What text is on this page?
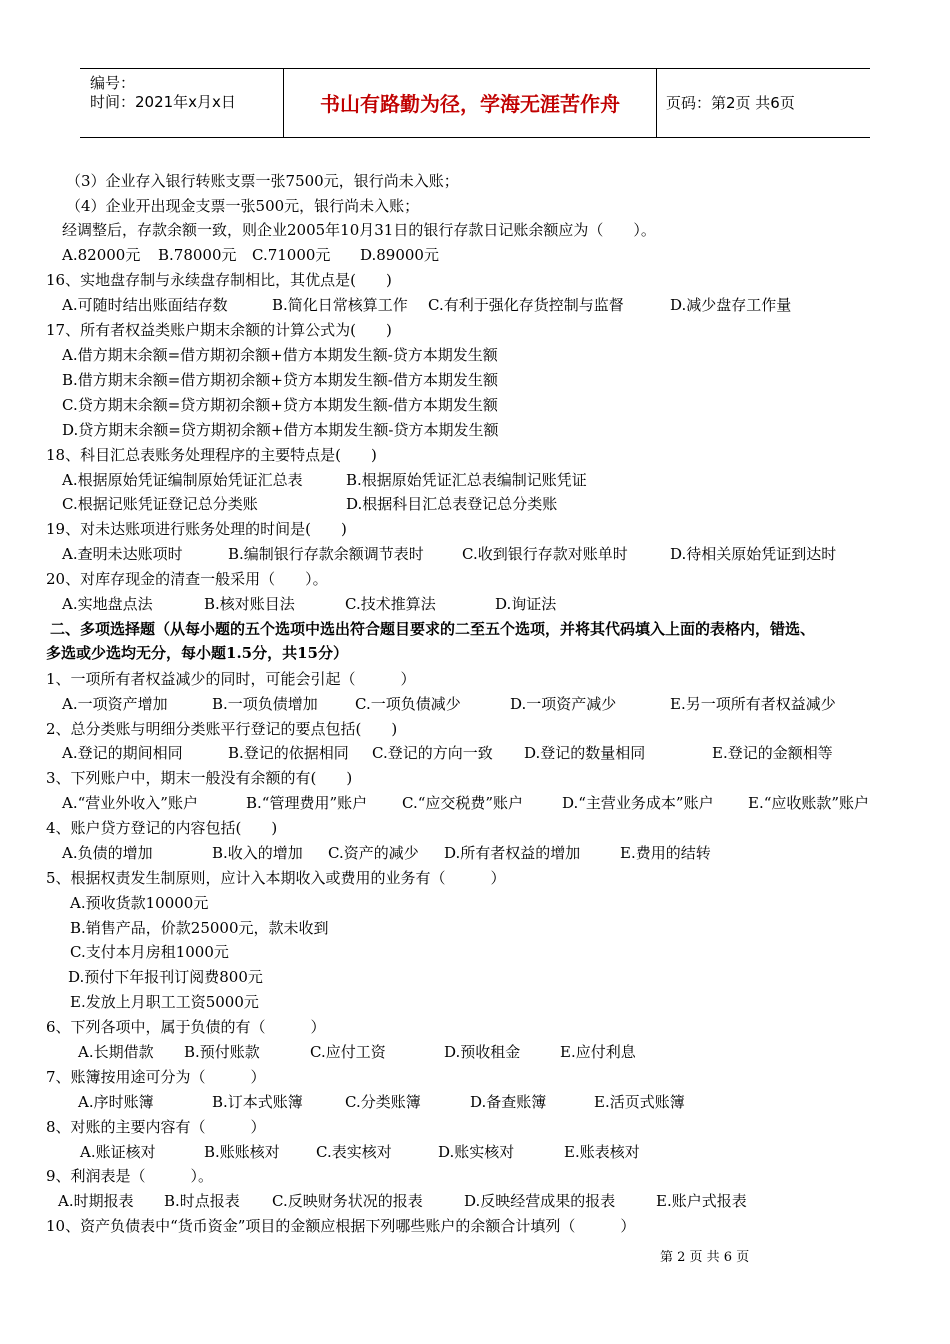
编号：
时间：2021年x月x日	书山有路勤为径，学海无涯苦作舟	页码：第2页 共6页
（3）企业存入银行转账支票一张7500元，银行尚未入账；
（4）企业开出现金支票一张500元，银行尚未入账；
经调整后，存款余额一致，则企业2005年10月31日的银行存款日记账余额应为（　　）。
A.82000元 B.78000元 C.71000元 D.89000元
16、实地盘存制与永续盘存制相比，其优点是(　　)
A.可随时结出账面结存数	B.简化日常核算工作 C.有利于强化存货控制与监督	D.减少盘存工作量
17、所有者权益类账户期末余额的计算公式为(　　)
A.借方期末余额=借方期初余额+借方本期发生额-贷方本期发生额
B.借方期末余额=借方期初余额+贷方本期发生额-借方本期发生额
C.贷方期末余额=贷方期初余额+贷方本期发生额-借方本期发生额
D.贷方期末余额=贷方期初余额+借方本期发生额-贷方本期发生额
18、科目汇总表账务处理程序的主要特点是(　　)
A.根据原始凭证编制原始凭证汇总表	B.根据原始凭证汇总表编制记账凭证
C.根据记账凭证登记总分类账	D.根据科目汇总表登记总分类账
19、对未达账项进行账务处理的时间是(　　)
A.查明未达账项时	B.编制银行存款余额调节表时	C.收到银行存款对账单时	D.待相关原始凭证到达时
20、对库存现金的清查一般采用（　　）。
A.实地盘点法	B.核对账目法	C.技术推算法	D.询证法
二、多项选择题（从每小题的五个选项中选出符合题目要求的二至五个选项，并将其代码填入上面的表格内，错选、
多选或少选均无分，每小题1.5分，共15分）
1、一项所有者权益减少的同时，可能会引起（　　　）
A.一项资产增加	B.一项负债增加 C.一项负债减少	D.一项资产减少	E.另一项所有者权益减少
2、总分类账与明细分类账平行登记的要点包括(　　)
A.登记的期间相同	B.登记的依据相同 C.登记的方向一致 D.登记的数量相同	E.登记的金额相等
3、下列账户中，期末一般没有余额的有(　　)
A.“营业外收入”账户	B.“管理费用”账户 C.“应交税费”账户	D.“主营业务成本”账户 E.“应收账款”账户
4、账户贷方登记的内容包括(　　)
A.负债的增加	B.收入的增加 C.资产的减少 D.所有者权益的增加	E.费用的结转
5、根据权责发生制原则，应计入本期收入或费用的业务有（　　　）
A.预收货款10000元
B.销售产品，价款25000元，款未收到
C.支付本月房租1000元
D.预付下年报刊订阅费800元
E.发放上月职工工资5000元
6、下列各项中，属于负债的有（　　　）
A.长期借款 B.预付账款	C.应付工资	D.预收租金	E.应付利息
7、账簿按用途可分为（　　　）
A.序时账簿	B.订本式账簿	C.分类账簿	D.备查账簿	E.活页式账簿
8、对账的主要内容有（　　　）
A.账证核对	B.账账核对 C.表实核对	D.账实核对	E.账表核对
9、利润表是（　　　）。
A.时期报表 B.时点报表 C.反映财务状况的报表	D.反映经营成果的报表	E.账户式报表
10、资产负债表中“货币资金”项目的金额应根据下列哪些账户的余额合计填列（　　　）
第 2 页 共 6 页
